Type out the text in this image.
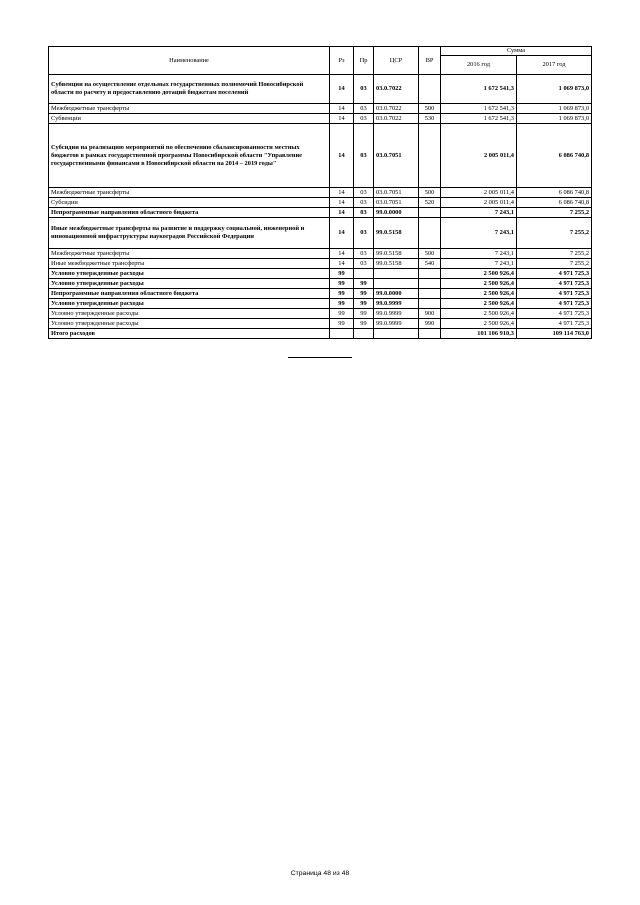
Наименование	Рз	Пр	ЦСР	ВР	Сумма	
					2016 год	2017 год
Субвенции на осуществление отдельных государственных полномочий Новосибирской области по расчету и предоставлению дотаций бюджетам поселений	14	03	03.0.7022		1 672 541,3	1 069 873,0
Межбюджетные трансферты	14	03	03.0.7022	500	1 672 541,3	1 069 873,0
Субвенции	14	03	03.0.7022	530	1 672 541,3	1 069 873,0
Субсидии на реализацию мероприятий по обеспечению сбалансированности местных бюджетов в рамках государственной программы Новосибирской области "Управление государственными финансами в Новосибирской области на 2014 – 2019 годы"	14	03	03.0.7051		2 005 011,4	6 086 740,8
Межбюджетные трансферты	14	03	03.0.7051	500	2 005 011,4	6 086 740,8
Субсидии	14	03	03.0.7051	520	2 005 011,4	6 086 740,8
Непрограммные направления областного бюджета	14	03	99.0.0000		7 243,1	7 255,2
Иные межбюджетные трансферты на развитие и поддержку социальной, инженерной и инновационной инфраструктуры наукоградов Российской Федерации	14	03	99.0.5158		7 243,1	7 255,2
Межбюджетные трансферты	14	03	99.0.5158	500	7 243,1	7 255,2
Иные межбюджетные трансферты	14	03	99.0.5158	540	7 243,1	7 255,2
Условно утвержденные расходы	99				2 500 926,4	4 971 725,3
Условно утвержденные расходы	99	99			2 500 926,4	4 971 725,3
Непрограммные направления областного бюджета	99	99	99.0.0000		2 500 926,4	4 971 725,3
Условно утвержденные расходы	99	99	99.0.9999		2 500 926,4	4 971 725,3
Условно утвержденные расходы	99	99	99.0.9999	900	2 500 926,4	4 971 725,3
Условно утвержденные расходы	99	99	99.0.9999	990	2 500 926,4	4 971 725,3
Итого расходов					101 106 910,3	109 114 763,0
Страница 48 из 48
